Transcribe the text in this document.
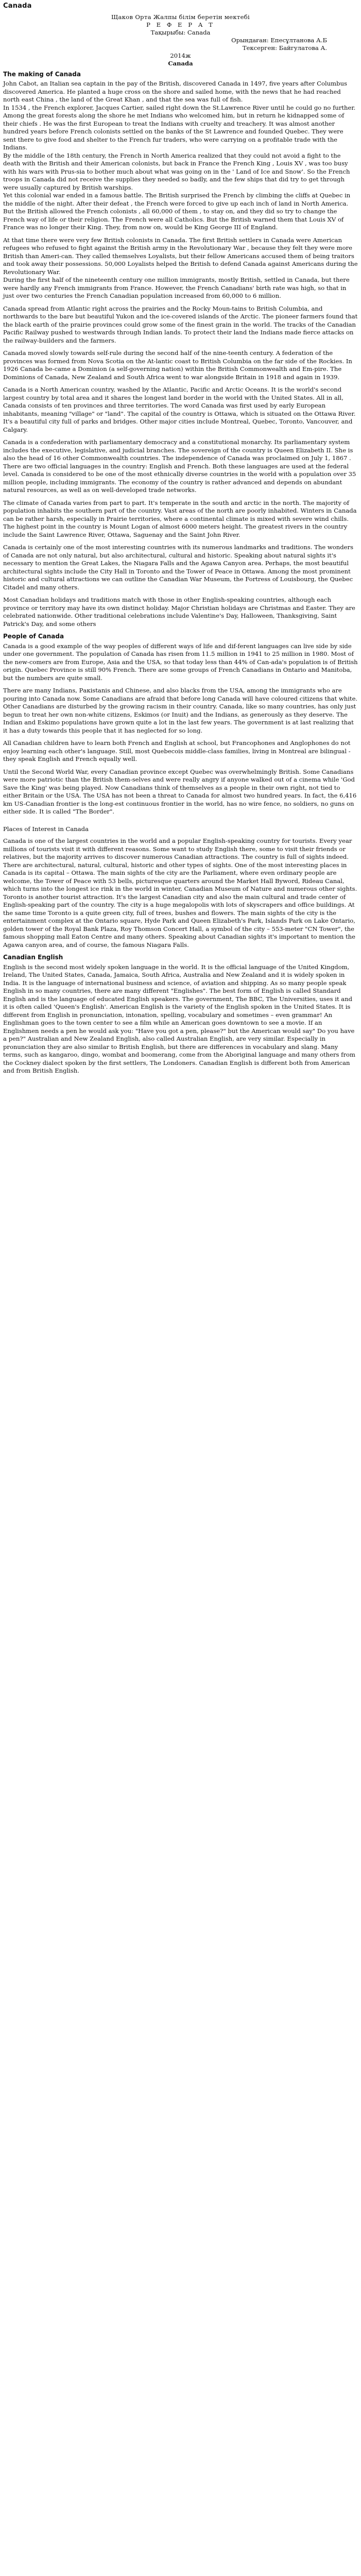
Canada
Щаков Орта Жалпы білім беретін мектебі
Р Е Ф Е Р А Т
Тақырыбы: Canada
Орындаған: Епесұлтанова А.Б
Тексерген: Байгулатова А.
2014ж
Canada
The making of Canada

John Cabot, an Italian sea captain in the pay of the British, discovered Canada in 1497, five years after Columbus discovered America. He planted a huge cross on the shore and sailed home, with the news that he had reached north east China , the land of the Great Khan , and that the sea was full of fish.
In 1534 , the French explorer, Jacques Cartier, sailed right down the St.Lawrence River until he could go no further. Among the great forests along the shore he met Indians who welcomed him, but in return he kidnapped some of their chiefs . He was the first European to treat the Indians with cruelty and treachery. It was almost another hundred years before French colonists settled on the banks of the St Lawrence and founded Quebec. They were sent there to give food and shelter to the French fur traders, who were carrying on a profitable trade with the Indians.
By the middle of the 18th century, the French in North America realized that they could not avoid a fight to the death with the British and their American colonists, but back in France the French King , Louis XV , was too busy with his wars with Prus-sia to bother much about what was going on in the ' Land of Ice and Snow'. So the French troops in Canada did not receive the supplies they needed so badly, and the few ships that did try to get through were usually captured by British warships.
Yet this colonial war ended in a famous battle. The British surprised the French by climbing the cliffs at Quebec in the middle of the night. After their defeat , the French were forced to give up each inch of land in North America. But the British allowed the French colonists , all 60,000 of them , to stay on, and they did so try to change the French way of life or their religion. The French were all Catholics. But the British warned them that Louis XV of France was no longer their King. They, from now on, would be King George III of England.

At that time there were very few British colonists in Canada. The first British settlers in Canada were American refugees who refused to fight against the British army in the Revolutionary War , because they felt they were more British than Ameri-can. They called themselves Loyalists, but their fellow Americans accused them of being traitors and took away their possessions. 50,000 Loyalists helped the British to defend Canada against Americans during the Revolutionary War.
During the first half of the nineteenth century one million immigrants, mostly British, settled in Canada, but there were hardly any French immigrants from France. However, the French Canadians' birth rate was high, so that in just over two centuries the French Canadian population increased from 60,000 to 6 million.

Canada spread from Atlantic right across the prairies and the Rocky Moun-tains to British Columbia, and northwards to the bare but beautiful Yukon and the ice-covered islands of the Arctic. The pioneer farmers found that the black earth of the prairie provinces could grow some of the finest grain in the world. The tracks of the Canadian Pacific Railway pushed to westwards through Indian lands. To protect their land the Indians made fierce attacks on the railway-builders and the farmers.

Canada moved slowly towards self-rule during the second half of the nine-teenth century. A federation of the provinces was formed from Nova Scotia on the At-lantic coast to British Columbia on the far side of the Rockies. In 1926 Canada be-came a Dominion (a self-governing nation) within the British Commonwealth and Em-pire. The Dominions of Canada, New Zealand and South Africa went to war alongside Britain in 1918 and again in 1939.

Canada is a North American country, washed by the Atlantic, Pacific and Arctic Oceans. It is the world's second largest country by total area and it shares the longest land border in the world with the United States. All in all, Canada consists of ten provinces and three territories. The word Canada was first used by early European inhabitants, meaning "village" or "land". The capital of the country is Ottawa, which is situated on the Ottawa River. It's a beautiful city full of parks and bridges. Other major cities include Montreal, Quebec, Toronto, Vancouver, and Calgary.

Canada is a confederation with parliamentary democracy and a constitutional monarchy. Its parliamentary system includes the executive, legislative, and judicial branches. The sovereign of the country is Queen Elizabeth II. She is also the head of 16 other Commonwealth countries. The independence of Canada was proclaimed on July 1, 1867 . There are two official languages in the country: English and French. Both these languages are used at the federal level. Canada is considered to be one of the most ethnically diverse countries in the world with a population over 35 million people, including immigrants. The economy of the country is rather advanced and depends on abundant natural resources, as well as on well-developed trade networks.

The climate of Canada varies from part to part. It's temperate in the south and arctic in the north. The majority of population inhabits the southern part of the country. Vast areas of the north are poorly inhabited. Winters in Canada can be rather harsh, especially in Prairie territories, where a continental climate is mixed with severe wind chills. The highest point in the country is Mount Logan of almost 6000 meters height. The greatest rivers in the country include the Saint Lawrence River, Ottawa, Saguenay and the Saint John River.

Canada is certainly one of the most interesting countries with its numerous landmarks and traditions. The wonders of Canada are not only natural, but also architectural, cultural and historic. Speaking about natural sights it's necessary to mention the Great Lakes, the Niagara Falls and the Agawa Canyon area. Perhaps, the most beautiful architectural sights include the City Hall in Toronto and the Tower of Peace in Ottawa. Among the most prominent historic and cultural attractions we can outline the Canadian War Museum, the Fortress of Louisbourg, the Quebec Citadel and many others.

Most Canadian holidays and traditions match with those in other English-speaking countries, although each province or territory may have its own distinct holiday. Major Christian holidays are Christmas and Easter. They are celebrated nationwide. Other traditional celebrations include Valentine's Day, Halloween, Thanksgiving, Saint Patrick's Day, and some others

People of Canada

Canada is a good example of the way peoples of different ways of life and dif-ferent languages can live side by side under one government. The population of Canada has risen from 11.5 million in 1941 to 25 million in 1980. Most of the new-comers are from Europe, Asia and the USA, so that today less than 44% of Can-ada's population is of British origin. Quebec Province is still 90% French. There are some groups of French Canadians in Ontario and Manitoba, but the numbers are quite small.

There are many Indians, Pакistanis and Chinese, and also blacks from the USA, among the immigrants who are pouring into Canada now. Some Canadians are afraid that before long Canada will have coloured citizens that white. Other Canadians are disturbed by the growing racism in their country. Canada, like so many countries, has only just begun to treat her own non-white citizens, Eskimos (or Inuit) and the Indians, as generously as they deserve. The Indian and Eskimo populations have grown quite a lot in the last few years. The government is at last realizing that it has a duty towards this people that it has neglected for so long.

All Canadian children have to learn both French and English at school, but Francophones and Anglophones do not enjoy learning each other's language. Still, most Quebecois middle-class families, living in Montreal are bilingual - they speak English and French equally well.

Until the Second World War, every Canadian province except Quebec was overwhelmingly British. Some Canadians were more patriotic than the British them-selves and were really angry if anyone walked out of a cinema while 'God Save the King' was being played. Now Canadians think of themselves as a people in their own right, not tied to either Britain or the USA. The USA has not been a threat to Canada for almost two hundred years. In fact, the 6,416 km US-Canadian frontier is the long-est continuous frontier in the world, has no wire fence, no soldiers, no guns on either side. It is called "The Border".

Places of Interest in Canada

Canada is one of the largest countries in the world and a popular English-speaking country for tourists. Every year millions of tourists visit it with different reasons. Some want to study English there, some to visit their friends or relatives, but the majority arrives to discover numerous Canadian attractions. The country is full of sights indeed. There are architectural, natural, cultural, historic and other types of sights. One of the most interesting places in Canada is its capital – Ottawa. The main sights of the city are the Parliament, where even ordinary people are welcome, the Tower of Peace with 53 bells, picturesque quarters around the Market Hall Byword, Rideau Canal, which turns into the longest ice rink in the world in winter, Canadian Museum of Nature and numerous other sights. Toronto is another tourist attraction. It's the largest Canadian city and also the main cultural and trade center of English-speaking part of the country. The city is a huge megalopolis with lots of skyscrapers and office buildings. At the same time Toronto is a quite green city, full of trees, bushes and flowers. The main sights of the city is the entertainment complex at the Ontario square, Hyde Park and Queen Elizabeth's Park, Islands Park on Lake Ontario, golden tower of the Royal Bank Plaza, Roy Thomson Concert Hall, a symbol of the city – 553-meter "CN Tower", the famous shopping mall Eaton Centre and many others. Speaking about Canadian sights it's important to mention the Agawa canyon area, and of course, the famous Niagara Falls.

Canadian English

English is the second most widely spoken language in the world. It is the official language of the United Kingdom, Ireland, The United States, Canada, Jamaica, South Africa, Australia and New Zealand and it is widely spoken in India. It is the language of international business and science, of aviation and shipping. As so many people speak English in so many countries, there are many different "Englishes". The best form of English is called Standard English and is the language of educated English speakers. The government, The BBC, The Universities, uses it and it is often called 'Queen's English'. American English is the variety of the English spoken in the United States. It is different from English in pronunciation, intonation, spelling, vocabulary and sometimes – even grammar! An Englishman goes to the town center to see a film while an American goes downtown to see a movie. If an Englishmen needs a pen he would ask you: "Have you got a pen, please?" but the American would say" Do you have a pen?" Australian and New Zealand English, also called Australian English, are very similar. Especially in pronunciation they are also similar to British English, but there are differences in vocabulary and slang. Many terms, such as kangaroo, dingo, wombat and boomerang, come from the Aboriginal language and many others from the Cockney dialect spoken by the first settlers, The Londoners. Canadian English is different both from American and from British English.
